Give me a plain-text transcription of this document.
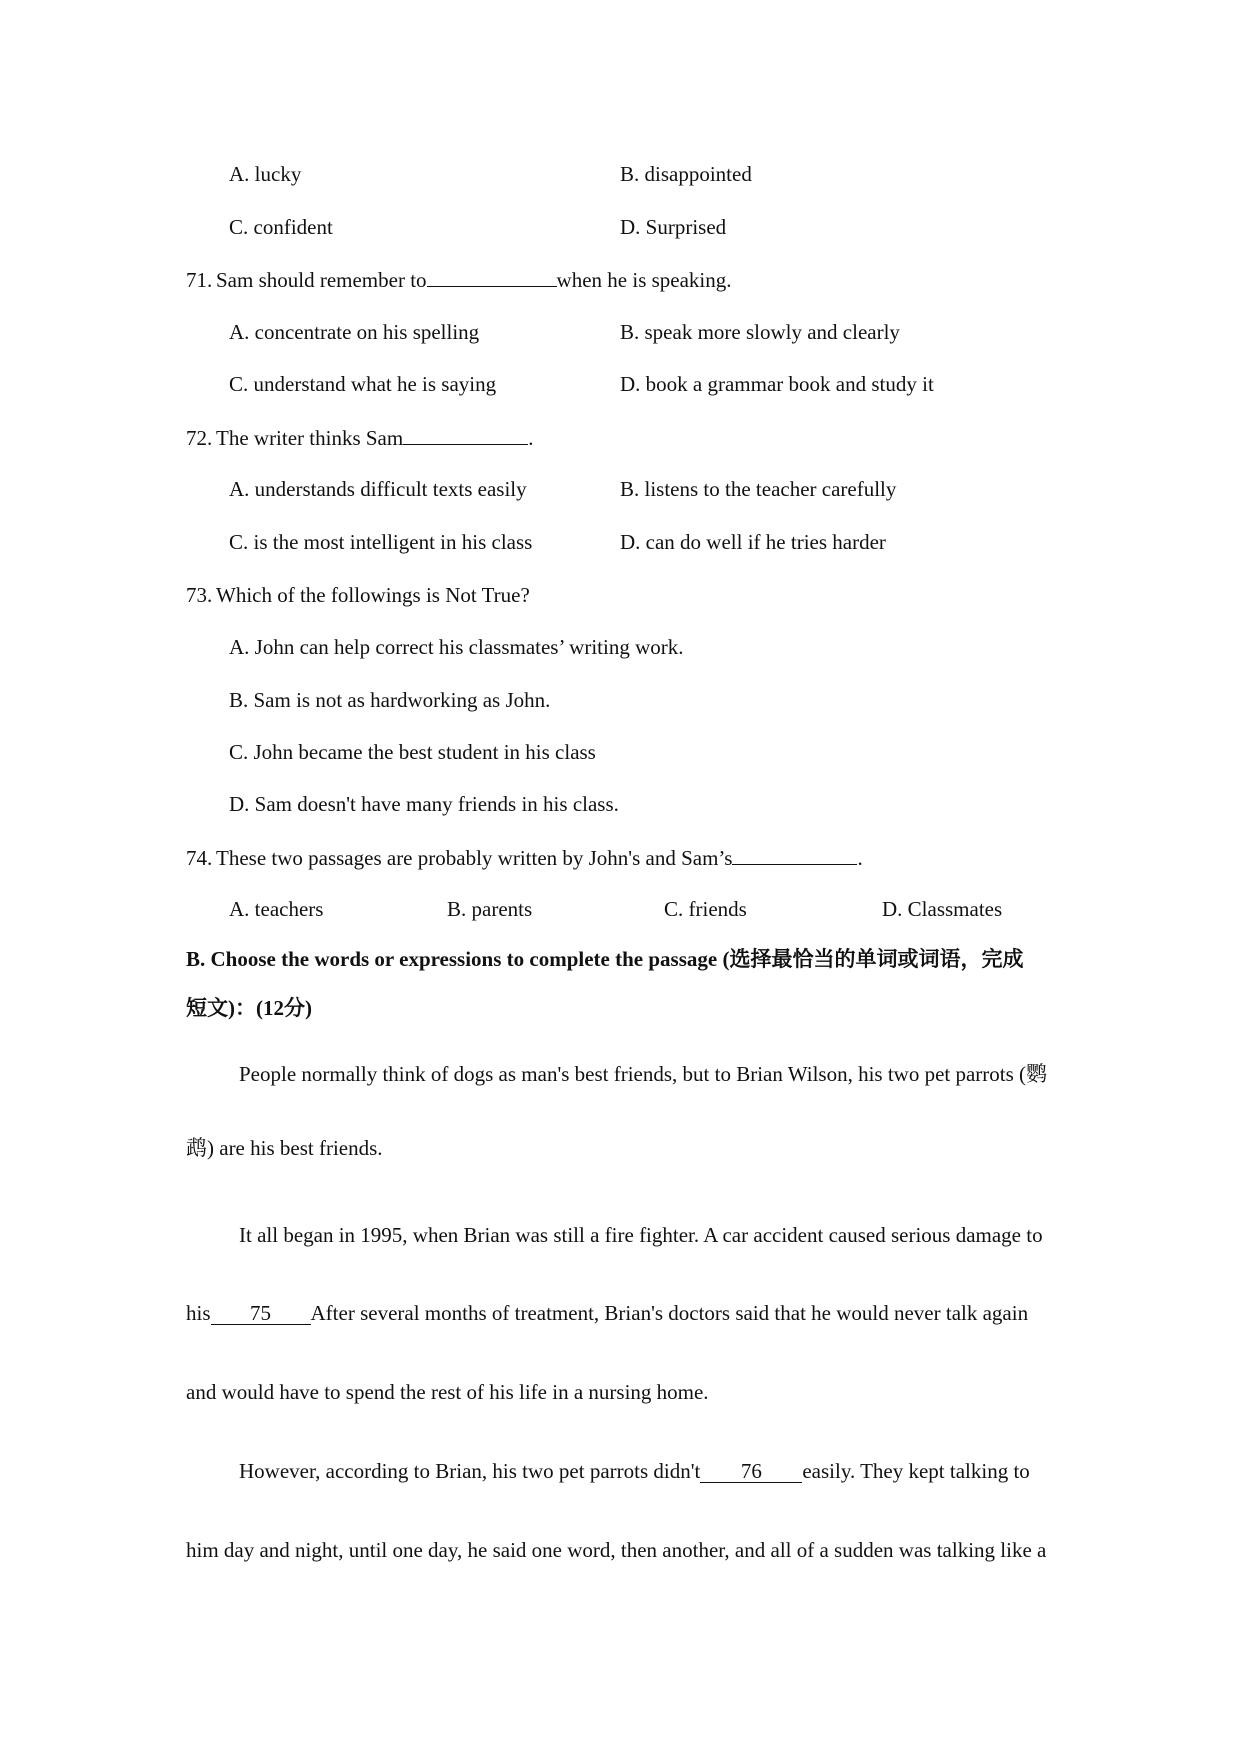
A. lucky	B. disappointed
C. confident	D. Surprised
71. Sam should remember to	when he is speaking.
A. concentrate on his spelling	B. speak more slowly and clearly
C. understand what he is saying	D. book a grammar book and study it
72. The writer thinks Sam	.
A. understands difficult texts easily	B. listens to the teacher carefully
C. is the most intelligent in his class	D. can do well if he tries harder
73. Which of the followings is Not True?
A. John can help correct his classmates’ writing work.
B. Sam is not as hardworking as John.
C. John became the best student in his class
D. Sam doesn't have many friends in his class.
74. These two passages are probably written by John's and Sam’s	.
A. teachers	B. parents	C. friends	D. Classmates
B. Choose the words or expressions to complete the passage (选择最恰当的单词或词语，完成
短文)：(12分)
People normally think of dogs as man's best friends, but to Brian Wilson, his two pet parrots (鹦
鹉) are his best friends.
It all began in 1995, when Brian was still a fire fighter. A car accident caused serious damage to
his 75 After several months of treatment, Brian's doctors said that he would never talk again
and would have to spend the rest of his life in a nursing home.
However, according to Brian, his two pet parrots didn't 76 easily. They kept talking to
him day and night, until one day, he said one word, then another, and all of a sudden was talking like a
